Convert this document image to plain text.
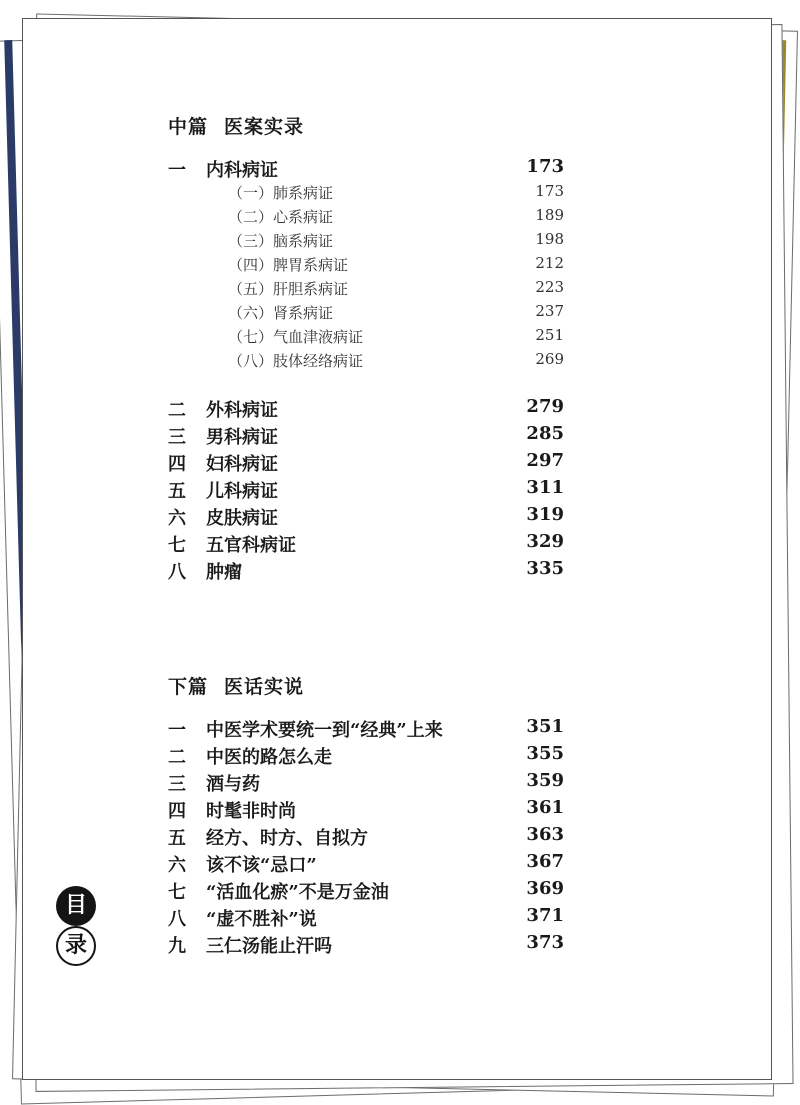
中篇 医案实录
一 内科病证	173
（一）肺系病证	173
（二）心系病证	189
（三）脑系病证	198
（四）脾胃系病证	212
（五）肝胆系病证	223
（六）肾系病证	237
（七）气血津液病证	251
（八）肢体经络病证	269
二 外科病证	279
三 男科病证	285
四 妇科病证	297
五 儿科病证	311
六 皮肤病证	319
七 五官科病证	329
八 肿瘤	335
下篇 医话实说
一 中医学术要统一到“经典”上来	351
二 中医的路怎么走	355
三 酒与药	359
四 时髦非时尚	361
五 经方、时方、自拟方	363
六 该不该“忌口”	367
七 “活血化瘀”不是万金油	369
八 “虚不胜补”说	371
九 三仁汤能止汗吗	373
目
录
